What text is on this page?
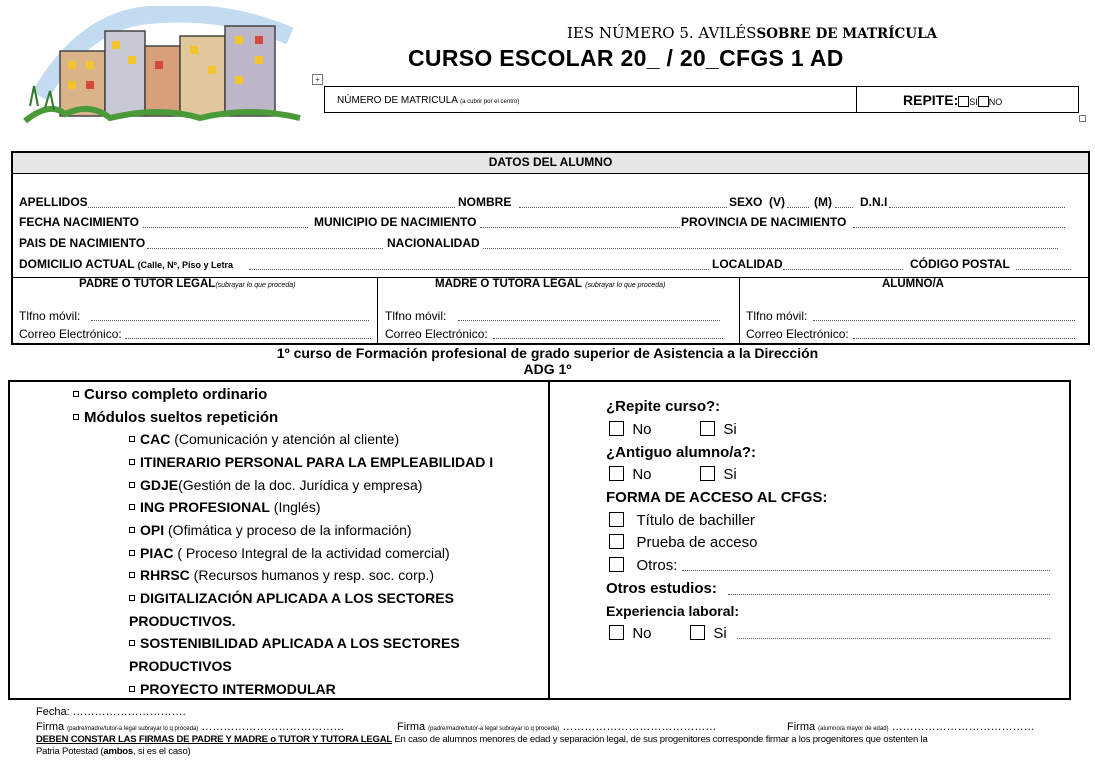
+
IES NÚMERO 5. AVILÉSSOBRE DE MATRÍCULA
CURSO ESCOLAR 20_ / 20_CFGS 1 AD
NÚMERO DE MATRICULA (a cubrir por el centro)	REPITE: SI NO
DATOS DEL ALUMNO
APELLIDOS	NOMBRE	SEXO (V) (M) D.N.I
FECHA NACIMIENTO	MUNICIPIO DE NACIMIENTO	PROVINCIA DE NACIMIENTO
PAIS DE NACIMIENTO	NACIONALIDAD
DOMICILIO ACTUAL (Calle, Nº, Piso y Letra	LOCALIDAD	CÓDIGO POSTAL
PADRE O TUTOR LEGAL(subrayar lo que proceda)
Tlfno móvil:
Correo Electrónico:
MADRE O TUTORA LEGAL (subrayar lo que proceda)
Tlfno móvil:
Correo Electrónico:
ALUMNO/A
Tlfno móvil:
Correo Electrónico:
1º curso de Formación profesional de grado superior de Asistencia a la Dirección
ADG 1º
Curso completo ordinario
Módulos sueltos repetición
CAC (Comunicación y atención al cliente)
ITINERARIO PERSONAL PARA LA EMPLEABILIDAD I
GDJE(Gestión de la doc. Jurídica y empresa)
ING PROFESIONAL (Inglés)
OPI (Ofimática y proceso de la información)
PIAC ( Proceso Integral de la actividad comercial)
RHRSC (Recursos humanos y resp. soc. corp.)
DIGITALIZACIÓN APLICADA A LOS SECTORES
PRODUCTIVOS.
SOSTENIBILIDAD APLICADA A LOS SECTORES
PRODUCTIVOS
PROYECTO INTERMODULAR
¿Repite curso?:
No	Si
¿Antiguo alumno/a?:
No	Si
FORMA DE ACCESO AL CFGS:
Título de bachiller
Prueba de acceso
Otros:
Otros estudios:
Experiencia laboral:
No	Si
Fecha: ………………………….
Firma (padre/madre/tutor-a legal subrayar lo q proceda) …………………………………	Firma (padre/madre/tutor-a legal subrayar lo q proceda) ……………………………………	Firma (alumno/a mayor de edad) …………………………………
DEBEN CONSTAR LAS FIRMAS DE PADRE Y MADRE o TUTOR Y TUTORA LEGAL En caso de alumnos menores de edad y separación legal, de sus progenitores corresponde firmar a los progenitores que ostenten la
Patria Potestad (ambos, si es el caso)
